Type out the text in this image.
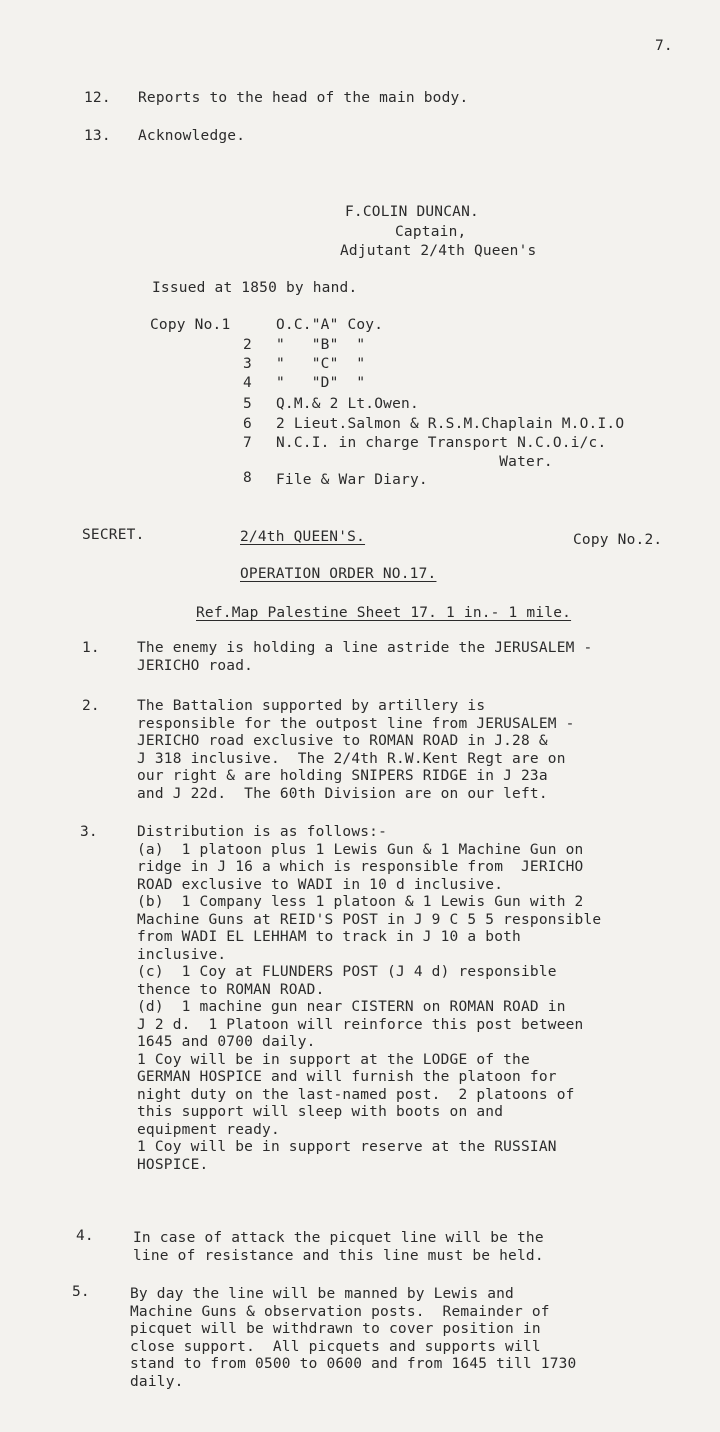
7.
12. Reports to the head of the main body.
13. Acknowledge.
F.COLIN DUNCAN.
Captain,
Adjutant 2/4th Queen's
Issued at 1850 by hand.
Copy No.1	O.C."A" Coy.
2 "   "B"  "
3 "   "C"  "
4 "   "D"  "
5 Q.M.& 2 Lt.Owen.
6 2 Lieut.Salmon & R.S.M.Chaplain M.O.I.O
7 N.C.I. in charge Transport N.C.O.i/c.
Water.
8 File & War Diary.
SECRET.	2/4th QUEEN'S.	Copy No.2.
OPERATION ORDER NO.17.
Ref.Map Palestine Sheet 17. 1 in.- 1 mile.
1.	The enemy is holding a line astride the JERUSALEM -
JERICHO road.
2.	The Battalion supported by artillery is
responsible for the outpost line from JERUSALEM -
JERICHO road exclusive to ROMAN ROAD in J.28 &
J 318 inclusive.  The 2/4th R.W.Kent Regt are on
our right & are holding SNIPERS RIDGE in J 23a
and J 22d.  The 60th Division are on our left.
3.	Distribution is as follows:-
(a)  1 platoon plus 1 Lewis Gun & 1 Machine Gun on
ridge in J 16 a which is responsible from  JERICHO
ROAD exclusive to WADI in 10 d inclusive.
(b)  1 Company less 1 platoon & 1 Lewis Gun with 2
Machine Guns at REID'S POST in J 9 C 5 5 responsible
from WADI EL LEHHAM to track in J 10 a both
inclusive.
(c)  1 Coy at FLUNDERS POST (J 4 d) responsible
thence to ROMAN ROAD.
(d)  1 machine gun near CISTERN on ROMAN ROAD in
J 2 d.  1 Platoon will reinforce this post between
1645 and 0700 daily.
1 Coy will be in support at the LODGE of the
GERMAN HOSPICE and will furnish the platoon for
night duty on the last-named post.  2 platoons of
this support will sleep with boots on and
equipment ready.
1 Coy will be in support reserve at the RUSSIAN
HOSPICE.
4.	In case of attack the picquet line will be the
line of resistance and this line must be held.
5.	By day the line will be manned by Lewis and
Machine Guns & observation posts.  Remainder of
picquet will be withdrawn to cover position in
close support.  All picquets and supports will
stand to from 0500 to 0600 and from 1645 till 1730
daily.
